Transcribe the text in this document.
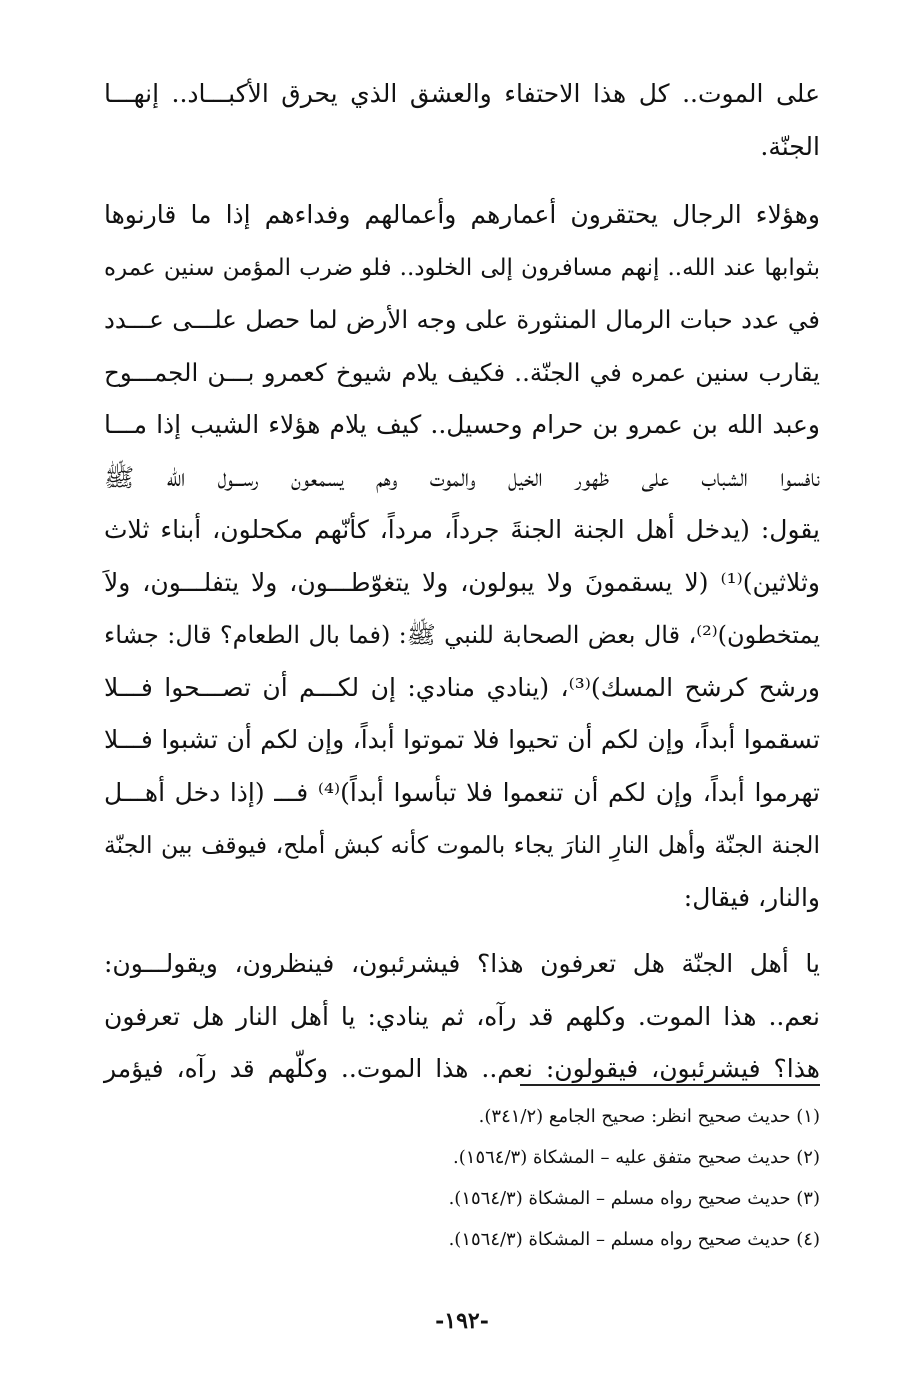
على الموت.. كل هذا الاحتفاء والعشق الذي يحرق الأكبـــاد.. إنهـــا
الجنّة.
وهؤلاء الرجال يحتقرون أعمارهم وأعمالهم وفداءهم إذا ما قارنوها
بثوابها عند الله.. إنهم مسافرون إلى الخلود.. فلو ضرب المؤمن سنين عمره
في عدد حبات الرمال المنثورة على وجه الأرض لما حصل علـــى عـــدد
يقارب سنين عمره في الجنّة.. فكيف يلام شيوخ كعمرو بـــن الجمـــوح
وعبد الله بن عمرو بن حرام وحسيل.. كيف يلام هؤلاء الشيب إذا مـــا
نافسوا الشباب على ظهور الخيل والموت وهم يسمعون رســـول الله ﷺ
يقول: (يدخل أهل الجنة الجنةَ جرداً، مرداً، كأنّهم مكحلون، أبناء ثلاث
وثلاثين)⁽¹⁾ (لا يسقمونَ ولا يبولون، ولا يتغوّطـــون، ولا يتفلـــون، ولاَ
يمتخطون)⁽²⁾، قال بعض الصحابة للنبي ﷺ: (فما بال الطعام؟ قال: جشاء
ورشح كرشح المسك)⁽³⁾، (ينادي منادي: إن لكـــم أن تصـــحوا فـــلا
تسقموا أبداً، وإن لكم أن تحيوا فلا تموتوا أبداً، وإن لكم أن تشبوا فـــلا
تهرموا أبداً، وإن لكم أن تنعموا فلا تبأسوا أبداً)⁽⁴⁾ فـــ (إذا دخل أهـــل
الجنة الجنّة وأهل النارِ النارَ يجاء بالموت كأنه كبش أملح، فيوقف بين الجنّة
والنار، فيقال:
يا أهل الجنّة هل تعرفون هذا؟ فيشرئبون، فينظرون، ويقولـــون:
نعم.. هذا الموت. وكلهم قد رآه، ثم ينادي: يا أهل النار هل تعرفون
هذا؟ فيشرئبون، فيقولون: نعم.. هذا الموت.. وكلّهم قد رآه، فيؤمر
(١) حديث صحيح انظر: صحيح الجامع (٣٤١/٢).
(٢) حديث صحيح متفق عليه – المشكاة (١٥٦٤/٣).
(٣) حديث صحيح رواه مسلم – المشكاة (١٥٦٤/٣).
(٤) حديث صحيح رواه مسلم – المشكاة (١٥٦٤/٣).
-١٩٢-
